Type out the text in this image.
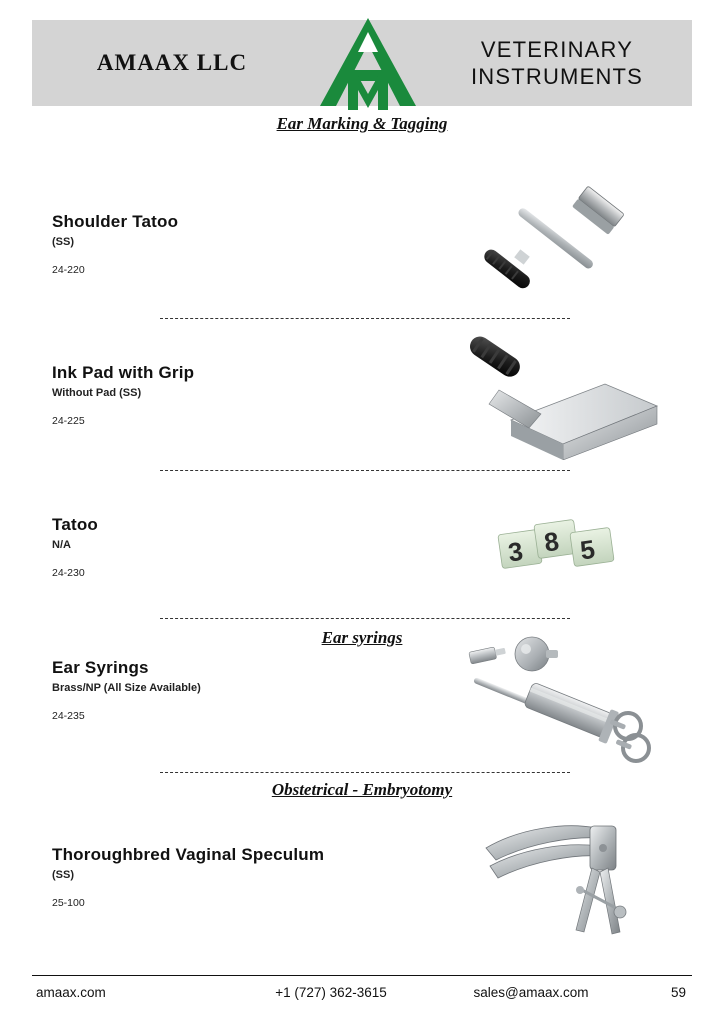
AMAAX LLC
VETERINARY
INSTRUMENTS
Ear Marking & Tagging
Shoulder Tatoo
(SS)
24-220
Ink Pad with Grip
Without Pad (SS)
24-225
Tatoo
N/A
24-230
3 8 5
Ear syrings
Ear Syrings
Brass/NP (All Size Available)
24-235
Obstetrical - Embryotomy
Thoroughbred Vaginal Speculum
(SS)
25-100
amaax.com	+1 (727) 362-3615	sales@amaax.com	59
